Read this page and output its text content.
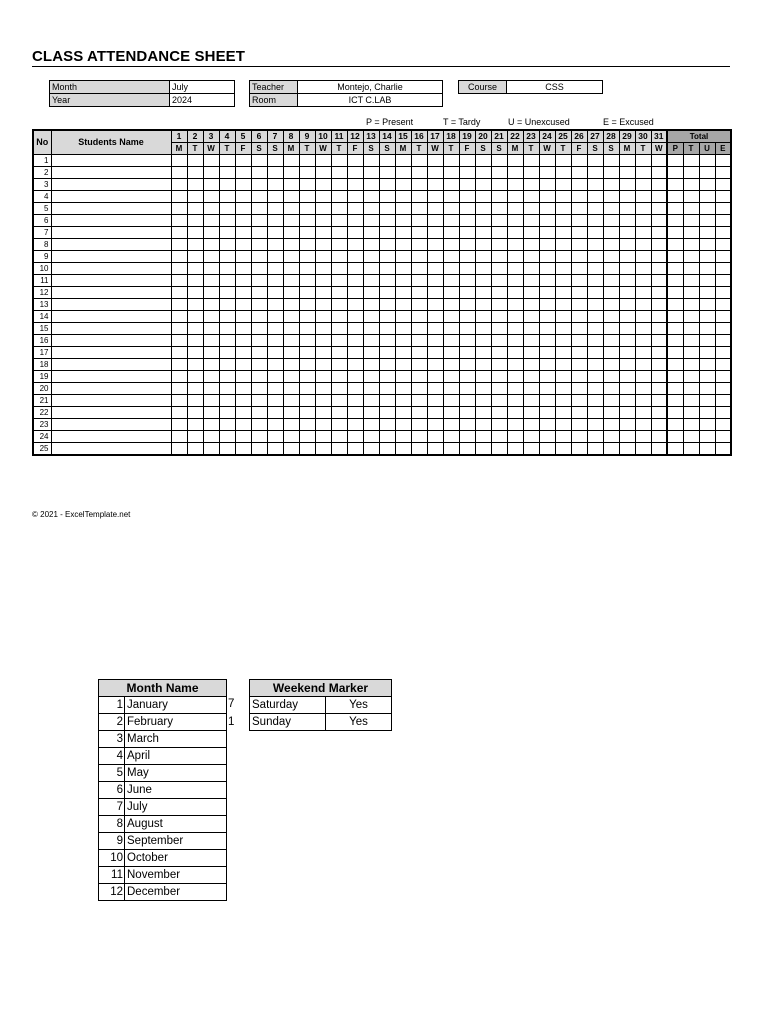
CLASS ATTENDANCE SHEET
Month	July
Year	2024
Teacher	Montejo, Charlie
Room	ICT C.LAB
Course	CSS
P = Present	T = Tardy	U = Unexcused	E = Excused
No	Students Name	1	2	3	4	5	6	7	8	9	10	11	12	13	14	15	16	17	18	19	20	21	22	23	24	25	26	27	28	29	30	31	Total			
		M	T	W	T	F	S	S	M	T	W	T	F	S	S	M	T	W	T	F	S	S	M	T	W	T	F	S	S	M	T	W	P	T	U	E
1																																				
2																																				
3																																				
4																																				
5																																				
6																																				
7																																				
8																																				
9																																				
10																																				
11																																				
12																																				
13																																				
14																																				
15																																				
16																																				
17																																				
18																																				
19																																				
20																																				
21																																				
22																																				
23																																				
24																																				
25																																				
© 2021 - ExcelTemplate.net
Month Name	
1	January
2	February
3	March
4	April
5	May
6	June
7	July
8	August
9	September
10	October
11	November
12	December
7
1
Weekend Marker	
Saturday	Yes
Sunday	Yes
